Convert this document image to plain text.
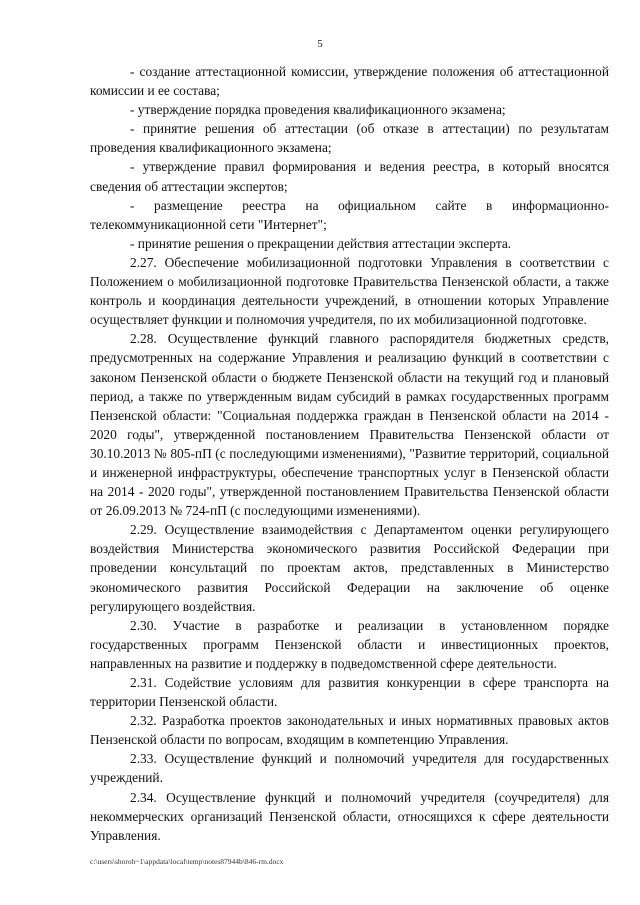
5

- создание аттестационной комиссии, утверждение положения об аттестационной комиссии и ее состава;

- утверждение порядка проведения квалификационного экзамена;

- принятие решения об аттестации (об отказе в аттестации) по результатам проведения квалификационного экзамена;

- утверждение правил формирования и ведения реестра, в который вносятся сведения об аттестации экспертов;

- размещение реестра на официальном сайте в информационно-телекоммуникационной сети "Интернет";

- принятие решения о прекращении действия аттестации эксперта.

2.27. Обеспечение мобилизационной подготовки Управления в соответствии с Положением о мобилизационной подготовке Правительства Пензенской области, а также контроль и координация деятельности учреждений, в отношении которых Управление осуществляет функции и полномочия учредителя, по их мобилизационной подготовке.

2.28. Осуществление функций главного распорядителя бюджетных средств, предусмотренных на содержание Управления и реализацию функций в соответствии с законом Пензенской области о бюджете Пензенской области на текущий год и плановый период, а также по утвержденным видам субсидий в рамках государственных программ Пензенской области: "Социальная поддержка граждан в Пензенской области на 2014 - 2020 годы", утвержденной постановлением Правительства Пензенской области от 30.10.2013 № 805-пП (с последующими изменениями), "Развитие территорий, социальной и инженерной инфраструктуры, обеспечение транспортных услуг в Пензенской области на 2014 - 2020 годы", утвержденной постановлением Правительства Пензенской области от 26.09.2013 № 724-пП (с последующими изменениями).

2.29. Осуществление взаимодействия с Департаментом оценки регулирующего воздействия Министерства экономического развития Российской Федерации при проведении консультаций по проектам актов, представленных в Министерство экономического развития Российской Федерации на заключение об оценке регулирующего воздействия.

2.30. Участие в разработке и реализации в установленном порядке государственных программ Пензенской области и инвестиционных проектов, направленных на развитие и поддержку в подведомственной сфере деятельности.

2.31. Содействие условиям для развития конкуренции в сфере транспорта на территории Пензенской области.

2.32. Разработка проектов законодательных и иных нормативных правовых актов Пензенской области по вопросам, входящим в компетенцию Управления.

2.33. Осуществление функций и полномочий учредителя для государственных учреждений.

2.34. Осуществление функций и полномочий учредителя (соучредителя) для некоммерческих организаций Пензенской области, относящихся к сфере деятельности Управления.

c:\users\shoroh~1\appdata\local\temp\notes87944b\846-rm.docx
